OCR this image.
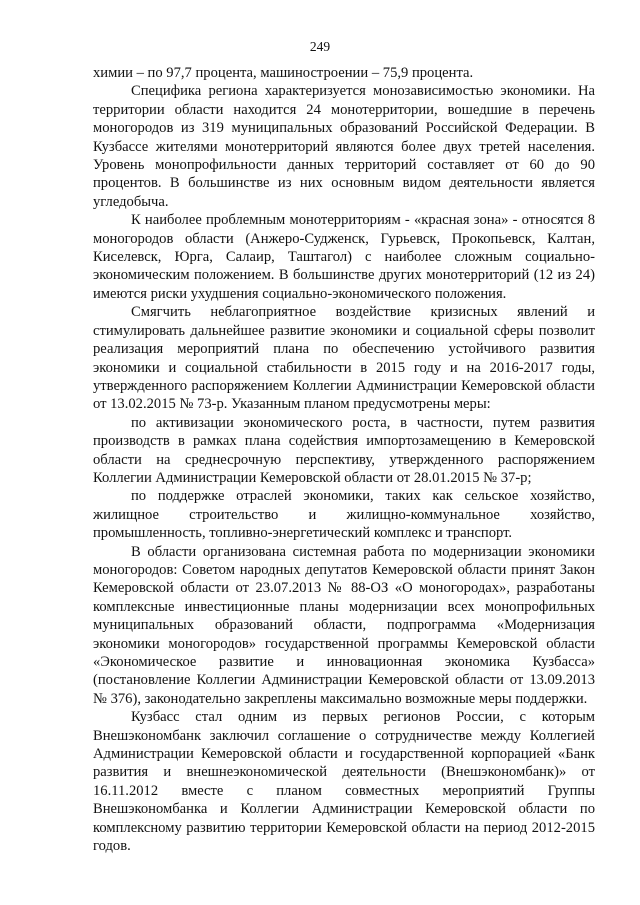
249

химии – по 97,7 процента, машиностроении – 75,9 процента.

Специфика региона характеризуется монозависимостью экономики. На территории области находится 24 монотерритории, вошедшие в перечень моногородов из 319 муниципальных образований Российской Федерации. В Кузбассе жителями монотерриторий являются более двух третей населения. Уровень монопрофильности данных территорий составляет от 60 до 90 процентов. В большинстве из них основным видом деятельности является угледобыча.

К наиболее проблемным монотерриториям - «красная зона» - относятся 8 моногородов области (Анжеро-Судженск, Гурьевск, Прокопьевск, Калтан, Киселевск, Юрга, Салаир, Таштагол) с наиболее сложным социально-экономическим положением. В большинстве других монотерриторий (12 из 24) имеются риски ухудшения социально-экономического положения.

Смягчить неблагоприятное воздействие кризисных явлений и стимулировать дальнейшее развитие экономики и социальной сферы позволит реализация мероприятий плана по обеспечению устойчивого развития экономики и социальной стабильности в 2015 году и на 2016-2017 годы, утвержденного распоряжением Коллегии Администрации Кемеровской области от 13.02.2015 № 73-р. Указанным планом предусмотрены меры:

по активизации экономического роста, в частности, путем развития производств в рамках плана содействия импортозамещению в Кемеровской области на среднесрочную перспективу, утвержденного распоряжением Коллегии Администрации Кемеровской области от 28.01.2015 № 37-р;

по поддержке отраслей экономики, таких как сельское хозяйство, жилищное строительство и жилищно-коммунальное хозяйство, промышленность, топливно-энергетический комплекс и транспорт.

В области организована системная работа по модернизации экономики моногородов: Советом народных депутатов Кемеровской области принят Закон Кемеровской области от 23.07.2013 № 88-ОЗ «О моногородах», разработаны комплексные инвестиционные планы модернизации всех монопрофильных муниципальных образований области, подпрограмма «Модернизация экономики моногородов» государственной программы Кемеровской области «Экономическое развитие и инновационная экономика Кузбасса» (постановление Коллегии Администрации Кемеровской области от 13.09.2013 № 376), законодательно закреплены максимально возможные меры поддержки.

Кузбасс стал одним из первых регионов России, с которым Внешэкономбанк заключил соглашение о сотрудничестве между Коллегией Администрации Кемеровской области и государственной корпорацией «Банк развития и внешнеэкономической деятельности (Внешэкономбанк)» от 16.11.2012 вместе с планом совместных мероприятий Группы Внешэкономбанка и Коллегии Администрации Кемеровской области по комплексному развитию территории Кемеровской области на период 2012-2015 годов.
